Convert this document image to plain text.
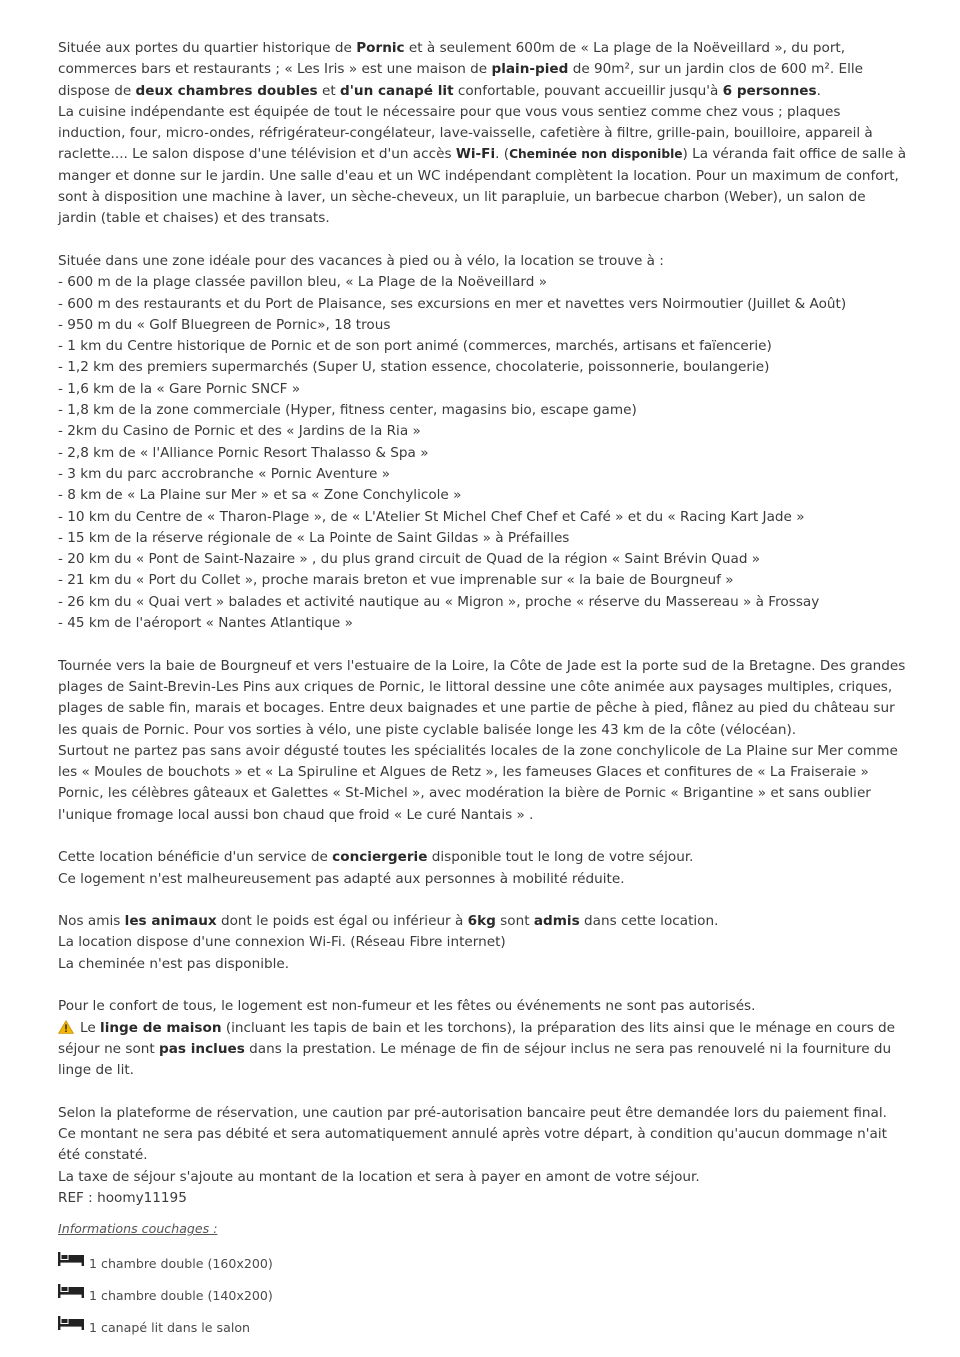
Située aux portes du quartier historique de Pornic et à seulement 600m de « La plage de la Noëveillard », du port, commerces bars et restaurants ; « Les Iris » est une maison de plain-pied de 90m², sur un jardin clos de 600 m². Elle dispose de deux chambres doubles et d'un canapé lit confortable, pouvant accueillir jusqu'à 6 personnes.

La cuisine indépendante est équipée de tout le nécessaire pour que vous vous sentiez comme chez vous ; plaques induction, four, micro-ondes, réfrigérateur-congélateur, lave-vaisselle, cafetière à filtre, grille-pain, bouilloire, appareil à raclette.... Le salon dispose d'une télévision et d'un accès Wi-Fi. (Cheminée non disponible) La véranda fait office de salle à manger et donne sur le jardin. Une salle d'eau et un WC indépendant complètent la location. Pour un maximum de confort, sont à disposition une machine à laver, un sèche-cheveux, un lit parapluie, un barbecue charbon (Weber), un salon de jardin (table et chaises) et des transats.

Située dans une zone idéale pour des vacances à pied ou à vélo, la location se trouve à :

- 600 m de la plage classée pavillon bleu, « La Plage de la Noëveillard »

- 600 m des restaurants et du Port de Plaisance, ses excursions en mer et navettes vers Noirmoutier (Juillet & Août)

- 950 m du « Golf Bluegreen de Pornic», 18 trous

- 1 km du Centre historique de Pornic et de son port animé (commerces, marchés, artisans et faïencerie)

- 1,2 km des premiers supermarchés (Super U, station essence, chocolaterie, poissonnerie, boulangerie)

- 1,6 km de la « Gare Pornic SNCF »

- 1,8 km de la zone commerciale (Hyper, fitness center, magasins bio, escape game)

- 2km du Casino de Pornic et des « Jardins de la Ria »

- 2,8 km de « l'Alliance Pornic Resort Thalasso & Spa »

- 3 km du parc accrobranche « Pornic Aventure »

- 8 km de « La Plaine sur Mer » et sa « Zone Conchylicole »

- 10 km du Centre de « Tharon-Plage », de « L'Atelier St Michel Chef Chef et Café » et du « Racing Kart Jade »

- 15 km de la réserve régionale de « La Pointe de Saint Gildas » à Préfailles

- 20 km du « Pont de Saint-Nazaire » , du plus grand circuit de Quad de la région « Saint Brévin Quad »

- 21 km du « Port du Collet », proche marais breton et vue imprenable sur « la baie de Bourgneuf »

- 26 km du « Quai vert » balades et activité nautique au « Migron », proche « réserve du Massereau » à Frossay

- 45 km de l'aéroport « Nantes Atlantique »

Tournée vers la baie de Bourgneuf et vers l'estuaire de la Loire, la Côte de Jade est la porte sud de la Bretagne. Des grandes plages de Saint-Brevin-Les Pins aux criques de Pornic, le littoral dessine une côte animée aux paysages multiples, criques, plages de sable fin, marais et bocages. Entre deux baignades et une partie de pêche à pied, flânez au pied du château sur les quais de Pornic. Pour vos sorties à vélo, une piste cyclable balisée longe les 43 km de la côte (vélocéan).

Surtout ne partez pas sans avoir dégusté toutes les spécialités locales de la zone conchylicole de La Plaine sur Mer comme les « Moules de bouchots » et « La Spiruline et Algues de Retz », les fameuses Glaces et confitures de « La Fraiseraie » Pornic, les célèbres gâteaux et Galettes « St-Michel », avec modération la bière de Pornic « Brigantine » et sans oublier l'unique fromage local aussi bon chaud que froid « Le curé Nantais » .

Cette location bénéficie d'un service de conciergerie disponible tout le long de votre séjour.

Ce logement n'est malheureusement pas adapté aux personnes à mobilité réduite.

Nos amis les animaux dont le poids est égal ou inférieur à 6kg sont admis dans cette location.

La location dispose d'une connexion Wi-Fi. (Réseau Fibre internet)

La cheminée n'est pas disponible.

Pour le confort de tous, le logement est non-fumeur et les fêtes ou événements ne sont pas autorisés.

Le linge de maison (incluant les tapis de bain et les torchons), la préparation des lits ainsi que le ménage en cours de séjour ne sont pas inclues dans la prestation. Le ménage de fin de séjour inclus ne sera pas renouvelé ni la fourniture du linge de lit.

Selon la plateforme de réservation, une caution par pré-autorisation bancaire peut être demandée lors du paiement final. Ce montant ne sera pas débité et sera automatiquement annulé après votre départ, à condition qu'aucun dommage n'ait été constaté.

La taxe de séjour s'ajoute au montant de la location et sera à payer en amont de votre séjour.

REF : hoomy11195

Informations couchages :
1 chambre double (160x200)
1 chambre double (140x200)
1 canapé lit dans le salon
